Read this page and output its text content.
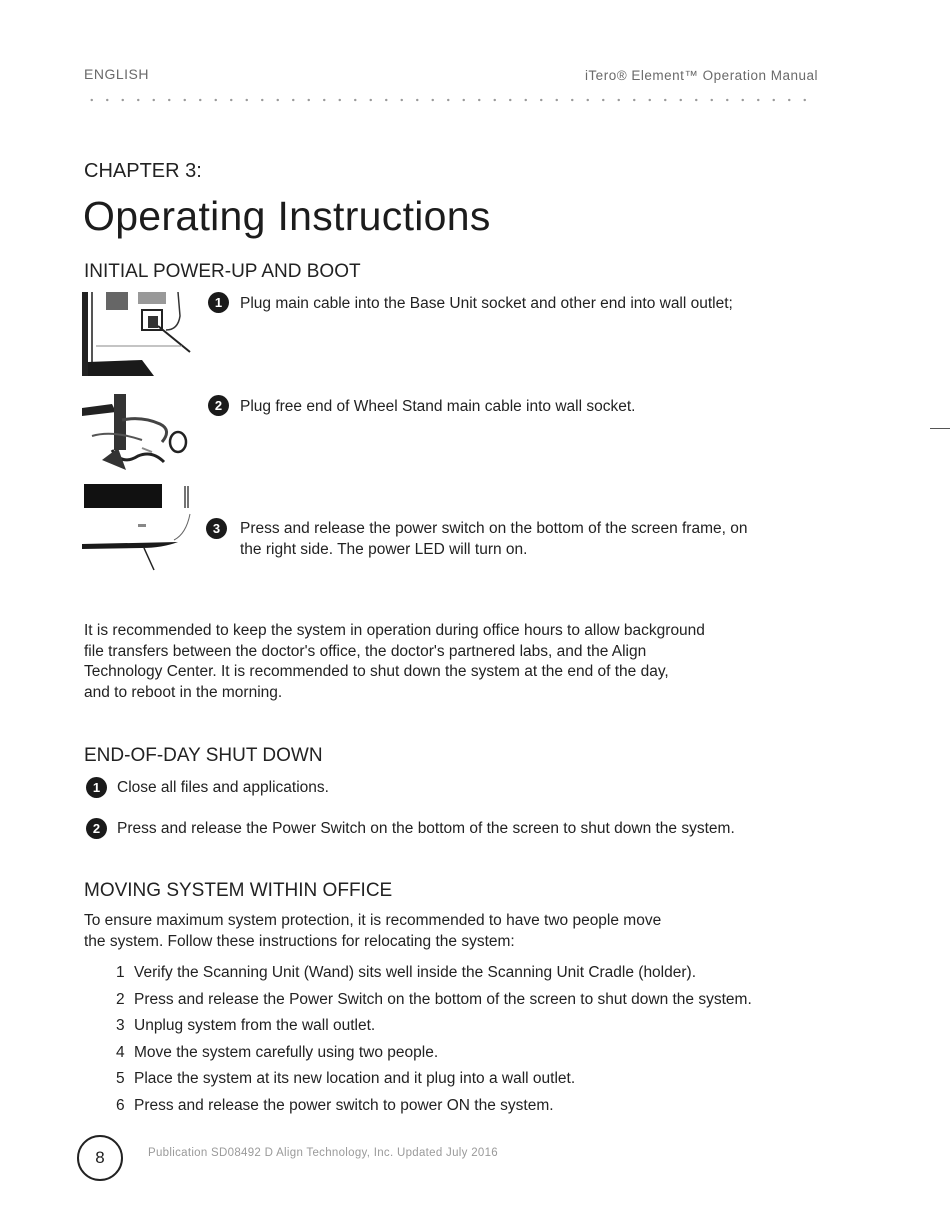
ENGLISH	iTero® Element™ Operation Manual
CHAPTER 3:
Operating Instructions
INITIAL POWER-UP AND BOOT
1	Plug main cable into the Base Unit socket and other end into wall outlet;
2	Plug free end of Wheel Stand main cable into wall socket.
3	Press and release the power switch on the bottom of the screen frame, on
the right side. The power LED will turn on.
It is recommended to keep the system in operation during office hours to allow background
file transfers between the doctor's office, the doctor's partnered labs, and the Align
Technology Center. It is recommended to shut down the system at the end of the day,
and to reboot in the morning.
END-OF-DAY SHUT DOWN
1	Close all files and applications.
2	Press and release the Power Switch on the bottom of the screen to shut down the system.
MOVING SYSTEM WITHIN OFFICE
To ensure maximum system protection, it is recommended to have two people move
the system. Follow these instructions for relocating the system:
1 Verify the Scanning Unit (Wand) sits well inside the Scanning Unit Cradle (holder).
2 Press and release the Power Switch on the bottom of the screen to shut down the system.
3 Unplug system from the wall outlet.
4 Move the system carefully using two people.
5 Place the system at its new location and it plug into a wall outlet.
6 Press and release the power switch to power ON the system.
8	Publication SD08492 D Align Technology, Inc. Updated July 2016
